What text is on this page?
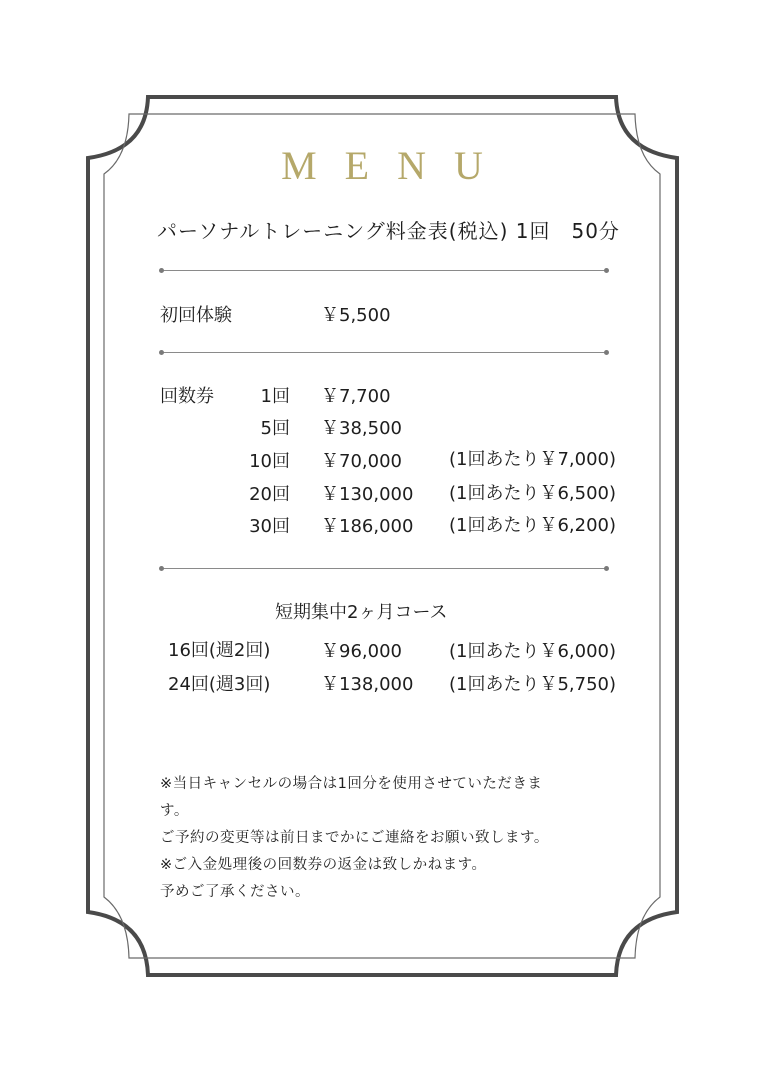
MENU
パーソナルトレーニング料金表(税込) 1回　50分
初回体験	￥5,500
回数券	1回 ￥7,700
5回 ￥38,500
10回 ￥70,000	(1回あたり￥7,000)
20回 ￥130,000 (1回あたり￥6,500)
30回 ￥186,000 (1回あたり￥6,200)
短期集中2ヶ月コース
16回(週2回)	￥96,000	(1回あたり￥6,000)
24回(週3回)	￥138,000 (1回あたり￥5,750)
※当日キャンセルの場合は1回分を使用させていただきま
す。
ご予約の変更等は前日までかにご連絡をお願い致します。
※ご入金処理後の回数券の返金は致しかねます。
予めご了承ください。
